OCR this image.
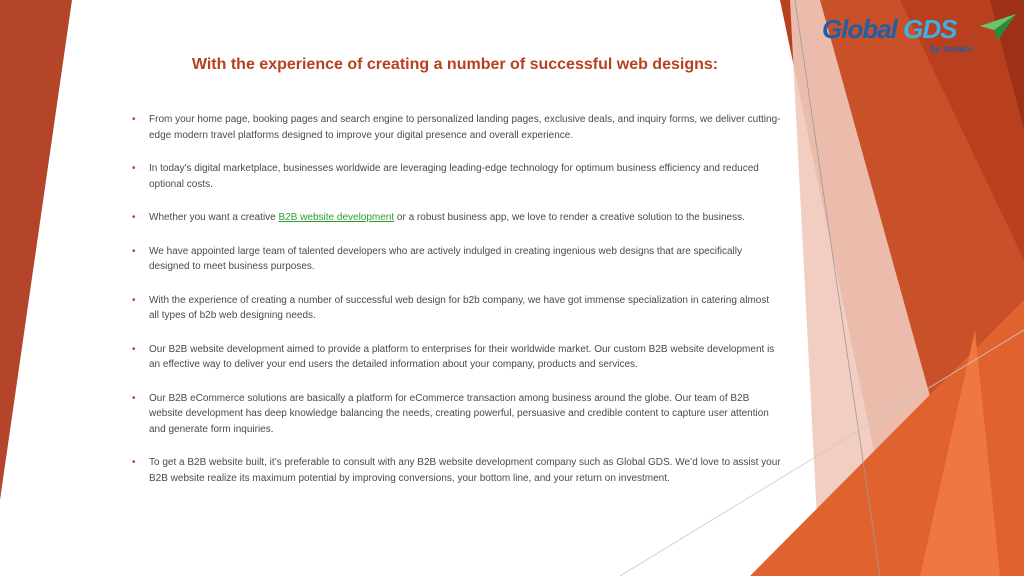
Global GDS
by travelx
With the experience of creating a number of successful web designs:
• From your home page, booking pages and search engine to personalized landing pages, exclusive deals, and inquiry forms, we deliver cutting-edge modern travel platforms designed to improve your digital presence and overall experience.
• In today's digital marketplace, businesses worldwide are leveraging leading-edge technology for optimum business efficiency and reduced optional costs.
• Whether you want a creative B2B website development or a robust business app, we love to render a creative solution to the business.
• We have appointed large team of talented developers who are actively indulged in creating ingenious web designs that are specifically designed to meet business purposes.
• With the experience of creating a number of successful web design for b2b company, we have got immense specialization in catering almost all types of b2b web designing needs.
• Our B2B website development aimed to provide a platform to enterprises for their worldwide market. Our custom B2B website development is an effective way to deliver your end users the detailed information about your company, products and services.
• Our B2B eCommerce solutions are basically a platform for eCommerce transaction among business around the globe. Our team of B2B website development has deep knowledge balancing the needs, creating powerful, persuasive and credible content to capture user attention and generate form inquiries.
• To get a B2B website built, it’s preferable to consult with any B2B website development company such as Global GDS. We’d love to assist your B2B website realize its maximum potential by improving conversions, your bottom line, and your return on investment.
